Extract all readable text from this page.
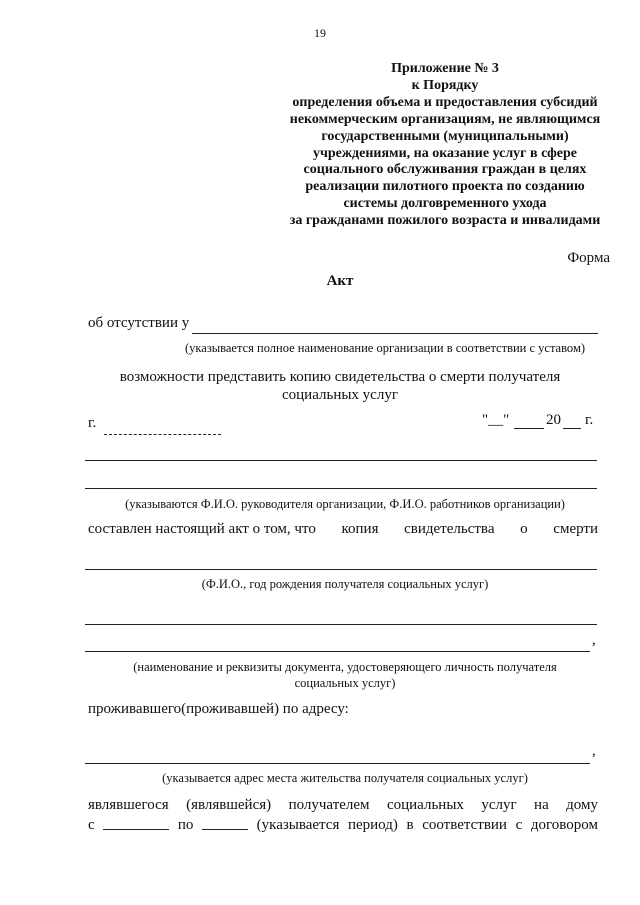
19
Приложение № 3
к Порядку
определения объема и предоставления субсидий
некоммерческим организациям, не являющимся
государственными (муниципальными)
учреждениями, на оказание услуг в сфере
социального обслуживания граждан в целях
реализации пилотного проекта по созданию
системы долговременного ухода
за гражданами пожилого возраста и инвалидами
Форма
Акт
об отсутствии у
(указывается полное наименование организации в соответствии с уставом)
возможности представить копию свидетельства о смерти получателя
социальных услуг
г.	"__" 20 г.
(указываются Ф.И.О. руководителя организации, Ф.И.О. работников организации)
составлен настоящий акт о том, что копия свидетельства о смерти
(Ф.И.О., год рождения получателя социальных услуг)
,
(наименование и реквизиты документа, удостоверяющего личность получателя
социальных услуг)
проживавшего(проживавшей) по адресу:
,
(указывается адрес места жительства получателя социальных услуг)
являвшегося (являвшейся) получателем социальных услуг на дому
с	по	(указывается период) в соответствии с договором
